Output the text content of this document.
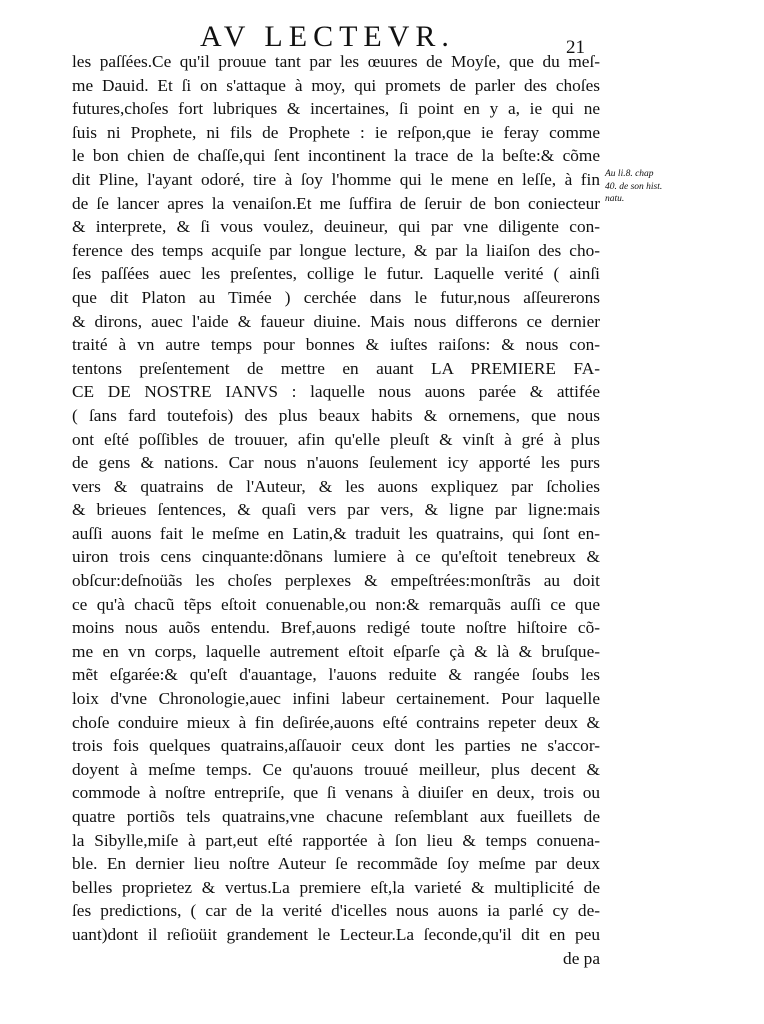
AV LECTEVR.	21
Au li.8. chap
40. de son hist.
natu.
les paſſées.Ce qu'il prouue tant par les œuures de Moyſe, que du meſ-
me Dauid. Et ſi on s'attaque à moy, qui promets de parler des choſes
futures,choſes fort lubriques & incertaines, ſi point en y a, ie qui ne
ſuis ni Prophete, ni fils de Prophete : ie reſpon,que ie feray comme
le bon chien de chaſſe,qui ſent incontinent la trace de la beſte:& cõme
dit Pline, l'ayant odoré, tire à ſoy l'homme qui le mene en leſſe, à fin
de ſe lancer apres la venaiſon.Et me ſuffira de ſeruir de bon coniecteur
& interprete, & ſi vous voulez, deuineur, qui par vne diligente con-
ference des temps acquiſe par longue lecture, & par la liaiſon des cho-
ſes paſſées auec les preſentes, collige le futur. Laquelle verité ( ainſi
que dit Platon au Timée ) cerchée dans le futur,nous aſſeurerons
& dirons, auec l'aide & faueur diuine. Mais nous differons ce dernier
traité à vn autre temps pour bonnes & iuſtes raiſons: & nous con-
tentons preſentement de mettre en auant LA PREMIERE FA-
CE DE NOSTRE IANVS : laquelle nous auons parée & attifée
( ſans fard toutefois) des plus beaux habits & ornemens, que nous
ont eſté poſſibles de trouuer, afin qu'elle pleuſt & vinſt à gré à plus
de gens & nations. Car nous n'auons ſeulement icy apporté les purs
vers & quatrains de l'Auteur, & les auons expliquez par ſcholies
& brieues ſentences, & quaſi vers par vers, & ligne par ligne:mais
auſſi auons fait le meſme en Latin,& traduit les quatrains, qui ſont en-
uiron trois cens cinquante:dõnans lumiere à ce qu'eſtoit tenebreux &
obſcur:deſnoüãs les choſes perplexes & empeſtrées:monſtrãs au doit
ce qu'à chacũ tẽps eſtoit conuenable,ou non:& remarquãs auſſi ce que
moins nous auõs entendu. Bref,auons redigé toute noſtre hiſtoire cõ-
me en vn corps, laquelle autrement eſtoit eſparſe çà & là & bruſque-
mẽt eſgarée:& qu'eſt d'auantage, l'auons reduite & rangée ſoubs les
loix d'vne Chronologie,auec infini labeur certainement. Pour laquelle
choſe conduire mieux à fin deſirée,auons eſté contrains repeter deux &
trois fois quelques quatrains,aſſauoir ceux dont les parties ne s'accor-
doyent à meſme temps. Ce qu'auons trouué meilleur, plus decent &
commode à noſtre entrepriſe, que ſi venans à diuiſer en deux, trois ou
quatre portiõs tels quatrains,vne chacune reſemblant aux fueillets de
la Sibylle,miſe à part,eut eſté rapportée à ſon lieu & temps conuena-
ble. En dernier lieu noſtre Auteur ſe recommãde ſoy meſme par deux
belles proprietez & vertus.La premiere eſt,la varieté & multiplicité de
ſes predictions, ( car de la verité d'icelles nous auons ia parlé cy de-
uant)dont il reſioüit grandement le Lecteur.La ſeconde,qu'il dit en peu
de pa
